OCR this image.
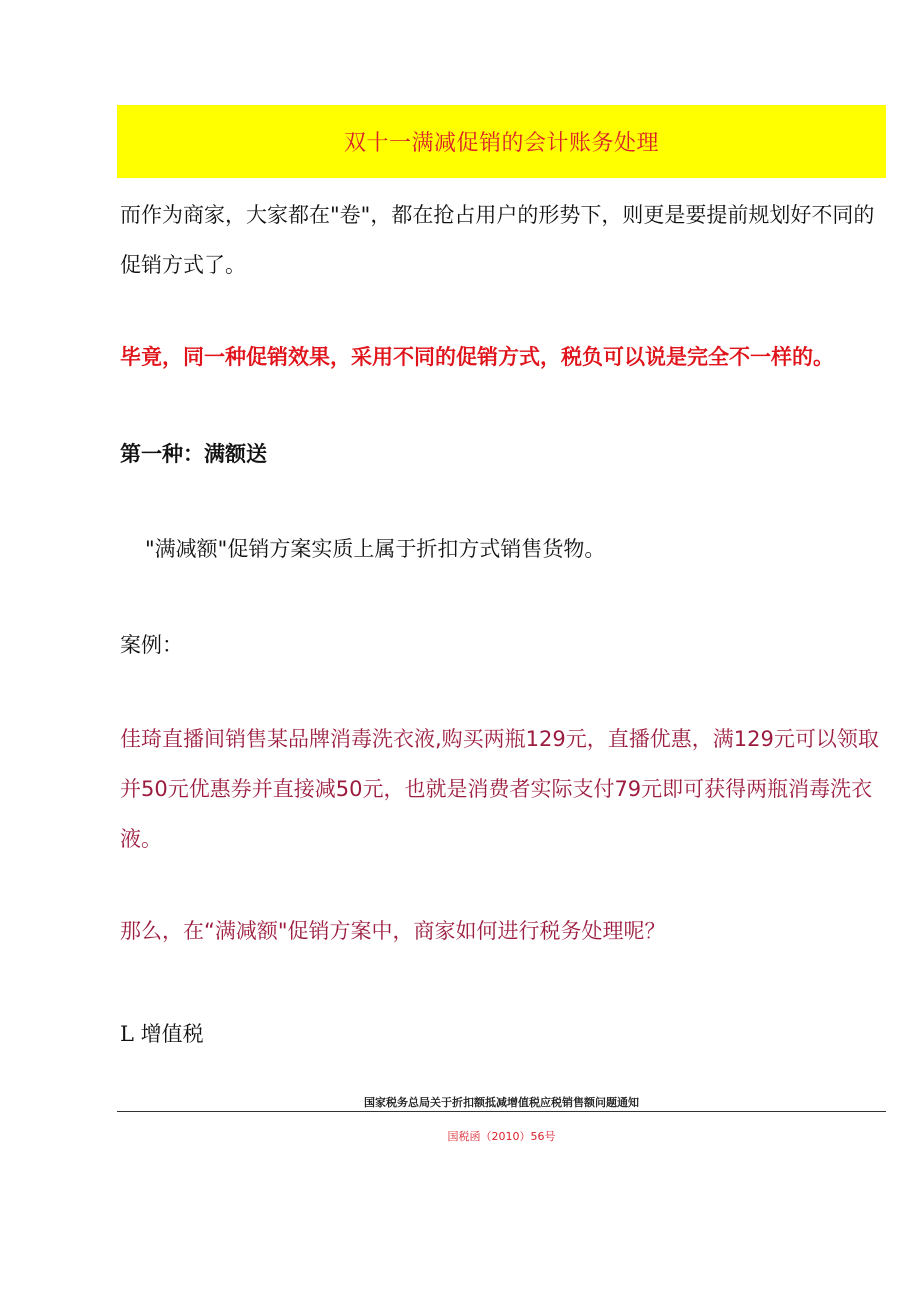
双十一满减促销的会计账务处理

而作为商家，大家都在"卷"，都在抢占用户的形势下，则更是要提前规划好不同的促销方式了。

毕竟，同一种促销效果，采用不同的促销方式，税负可以说是完全不一样的。

第一种：满额送

"满减额"促销方案实质上属于折扣方式销售货物。

案例：

佳琦直播间销售某品牌消毒洗衣液,购买两瓶129元，直播优惠，满129元可以领取并50元优惠券并直接减50元，也就是消费者实际支付79元即可获得两瓶消毒洗衣液。

那么，在“满减额"促销方案中，商家如何进行税务处理呢？

L 增值税

国家税务总局关于折扣额抵减增值税应税销售额问题通知

国税函（2010）56号
